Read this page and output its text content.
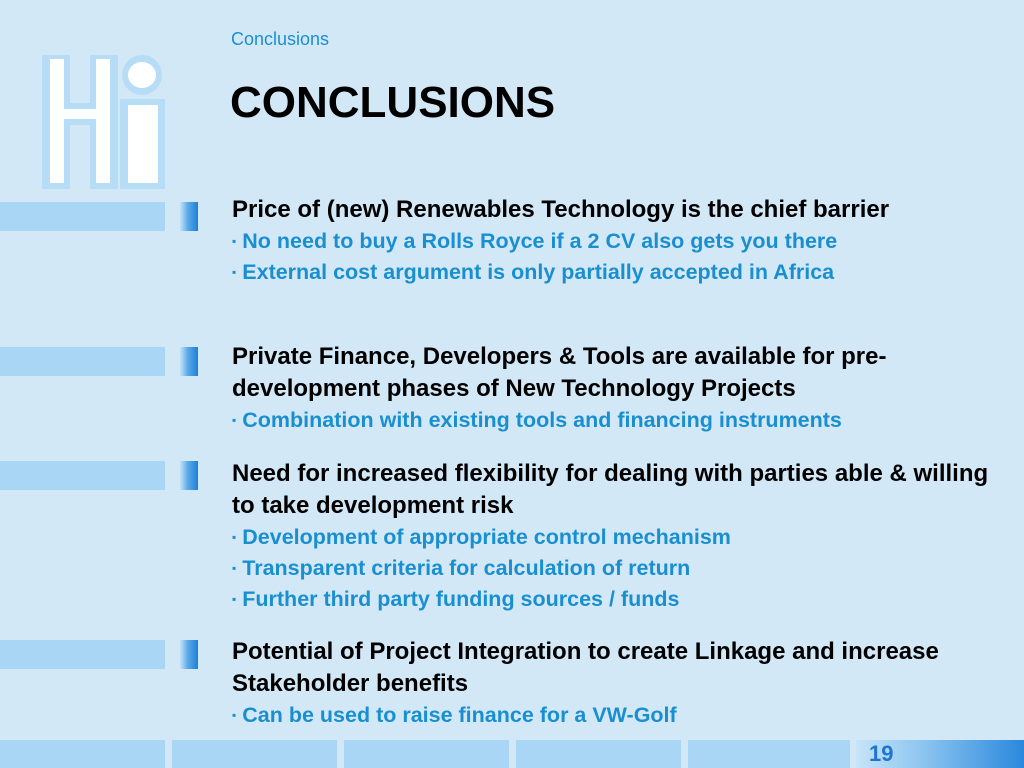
Conclusions
CONCLUSIONS

Price of (new) Renewables Technology is the chief barrier

▪ No need to buy a Rolls Royce if a 2 CV also gets you there
▪ External cost argument is only partially accepted in Africa

Private Finance, Developers & Tools are available for pre-development phases of New Technology Projects

▪ Combination with existing tools and financing instruments

Need for increased flexibility for dealing with parties able & willing to take development risk

▪ Development of appropriate control mechanism
▪ Transparent criteria for calculation of return
▪ Further third party funding sources / funds

Potential of Project Integration to create Linkage and increase Stakeholder benefits

▪ Can be used to raise finance for a VW-Golf
19
